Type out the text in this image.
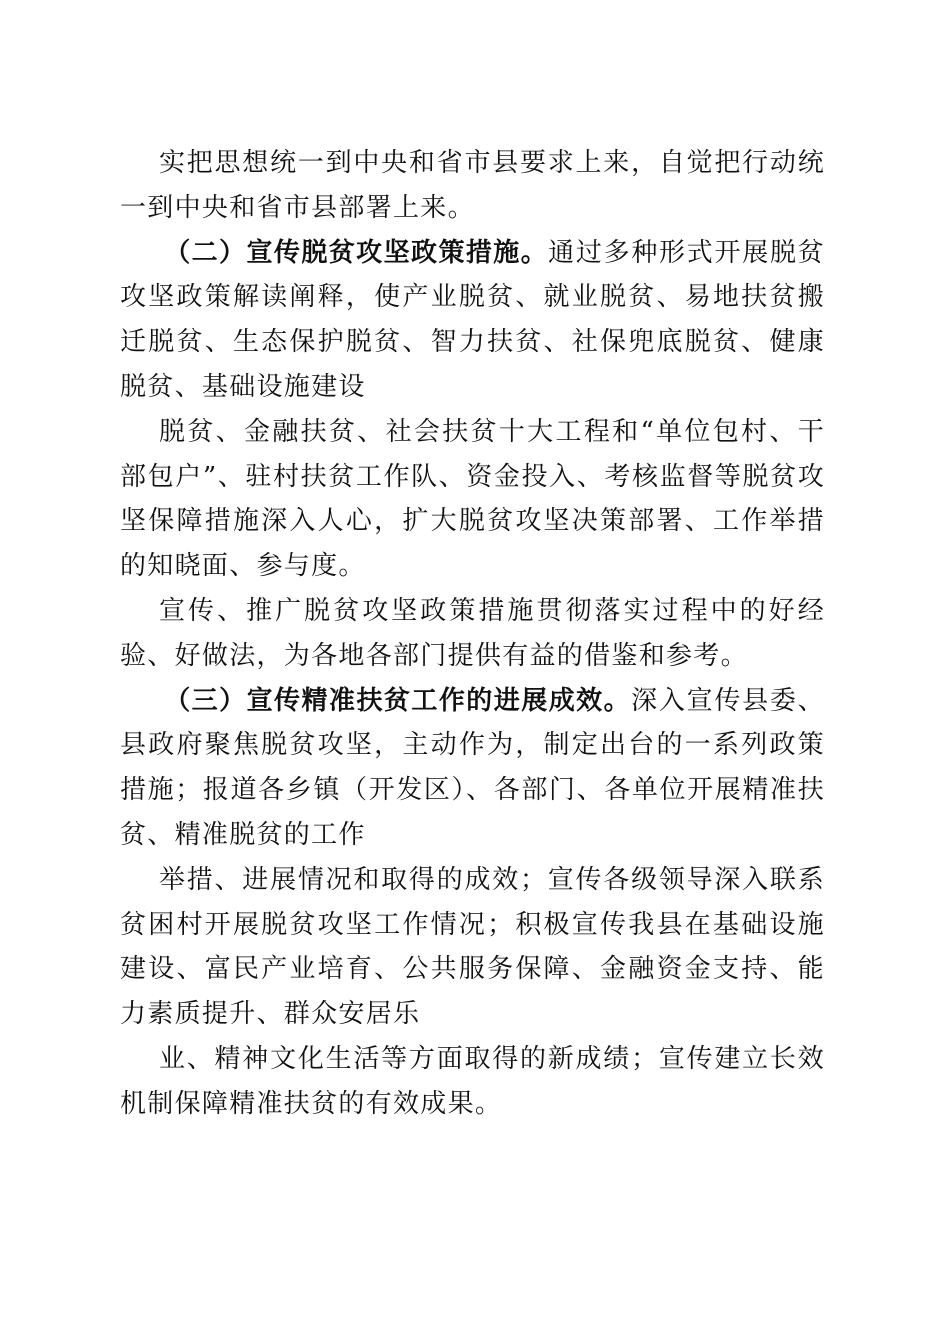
实把思想统一到中央和省市县要求上来，自觉把行动统一到中央和省市县部署上来。

（二）宣传脱贫攻坚政策措施。通过多种形式开展脱贫攻坚政策解读阐释，使产业脱贫、就业脱贫、易地扶贫搬迁脱贫、生态保护脱贫、智力扶贫、社保兜底脱贫、健康脱贫、基础设施建设

脱贫、金融扶贫、社会扶贫十大工程和“单位包村、干部包户”、驻村扶贫工作队、资金投入、考核监督等脱贫攻坚保障措施深入人心，扩大脱贫攻坚决策部署、工作举措的知晓面、参与度。

宣传、推广脱贫攻坚政策措施贯彻落实过程中的好经验、好做法，为各地各部门提供有益的借鉴和参考。

（三）宣传精准扶贫工作的进展成效。深入宣传县委、县政府聚焦脱贫攻坚，主动作为，制定出台的一系列政策措施；报道各乡镇（开发区）、各部门、各单位开展精准扶贫、精准脱贫的工作

举措、进展情况和取得的成效；宣传各级领导深入联系贫困村开展脱贫攻坚工作情况；积极宣传我县在基础设施建设、富民产业培育、公共服务保障、金融资金支持、能力素质提升、群众安居乐

业、精神文化生活等方面取得的新成绩；宣传建立长效机制保障精准扶贫的有效成果。
